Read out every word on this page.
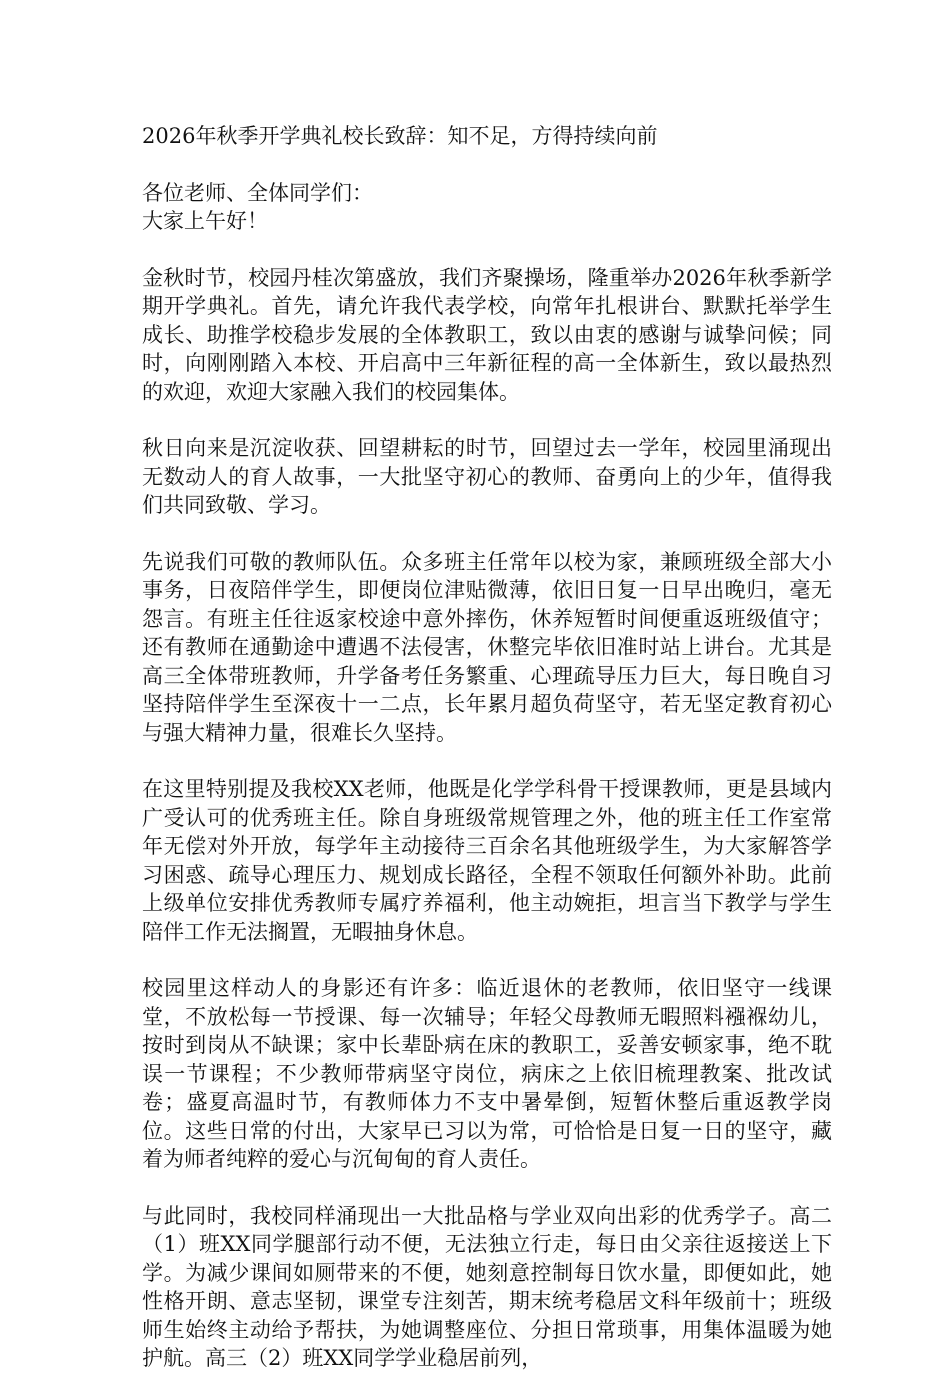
2026年秋季开学典礼校长致辞：知不足，方得持续向前

各位老师、全体同学们：

大家上午好！

金秋时节，校园丹桂次第盛放，我们齐聚操场，隆重举办2026年秋季新学期开学典礼。首先，请允许我代表学校，向常年扎根讲台、默默托举学生成长、助推学校稳步发展的全体教职工，致以由衷的感谢与诚挚问候；同时，向刚刚踏入本校、开启高中三年新征程的高一全体新生，致以最热烈的欢迎，欢迎大家融入我们的校园集体。

秋日向来是沉淀收获、回望耕耘的时节，回望过去一学年，校园里涌现出无数动人的育人故事，一大批坚守初心的教师、奋勇向上的少年，值得我们共同致敬、学习。

先说我们可敬的教师队伍。众多班主任常年以校为家，兼顾班级全部大小事务，日夜陪伴学生，即便岗位津贴微薄，依旧日复一日早出晚归，毫无怨言。有班主任往返家校途中意外摔伤，休养短暂时间便重返班级值守；还有教师在通勤途中遭遇不法侵害，休整完毕依旧准时站上讲台。尤其是高三全体带班教师，升学备考任务繁重、心理疏导压力巨大，每日晚自习坚持陪伴学生至深夜十一二点，长年累月超负荷坚守，若无坚定教育初心与强大精神力量，很难长久坚持。

在这里特别提及我校XX老师，他既是化学学科骨干授课教师，更是县域内广受认可的优秀班主任。除自身班级常规管理之外，他的班主任工作室常年无偿对外开放，每学年主动接待三百余名其他班级学生，为大家解答学习困惑、疏导心理压力、规划成长路径，全程不领取任何额外补助。此前上级单位安排优秀教师专属疗养福利，他主动婉拒，坦言当下教学与学生陪伴工作无法搁置，无暇抽身休息。

校园里这样动人的身影还有许多：临近退休的老教师，依旧坚守一线课堂，不放松每一节授课、每一次辅导；年轻父母教师无暇照料襁褓幼儿，按时到岗从不缺课；家中长辈卧病在床的教职工，妥善安顿家事，绝不耽误一节课程；不少教师带病坚守岗位，病床之上依旧梳理教案、批改试卷；盛夏高温时节，有教师体力不支中暑晕倒，短暂休整后重返教学岗位。这些日常的付出，大家早已习以为常，可恰恰是日复一日的坚守，藏着为师者纯粹的爱心与沉甸甸的育人责任。

与此同时，我校同样涌现出一大批品格与学业双向出彩的优秀学子。高二（1）班XX同学腿部行动不便，无法独立行走，每日由父亲往返接送上下学。为减少课间如厕带来的不便，她刻意控制每日饮水量，即便如此，她性格开朗、意志坚韧，课堂专注刻苦，期末统考稳居文科年级前十；班级师生始终主动给予帮扶，为她调整座位、分担日常琐事，用集体温暖为她护航。高三（2）班XX同学学业稳居前列，
